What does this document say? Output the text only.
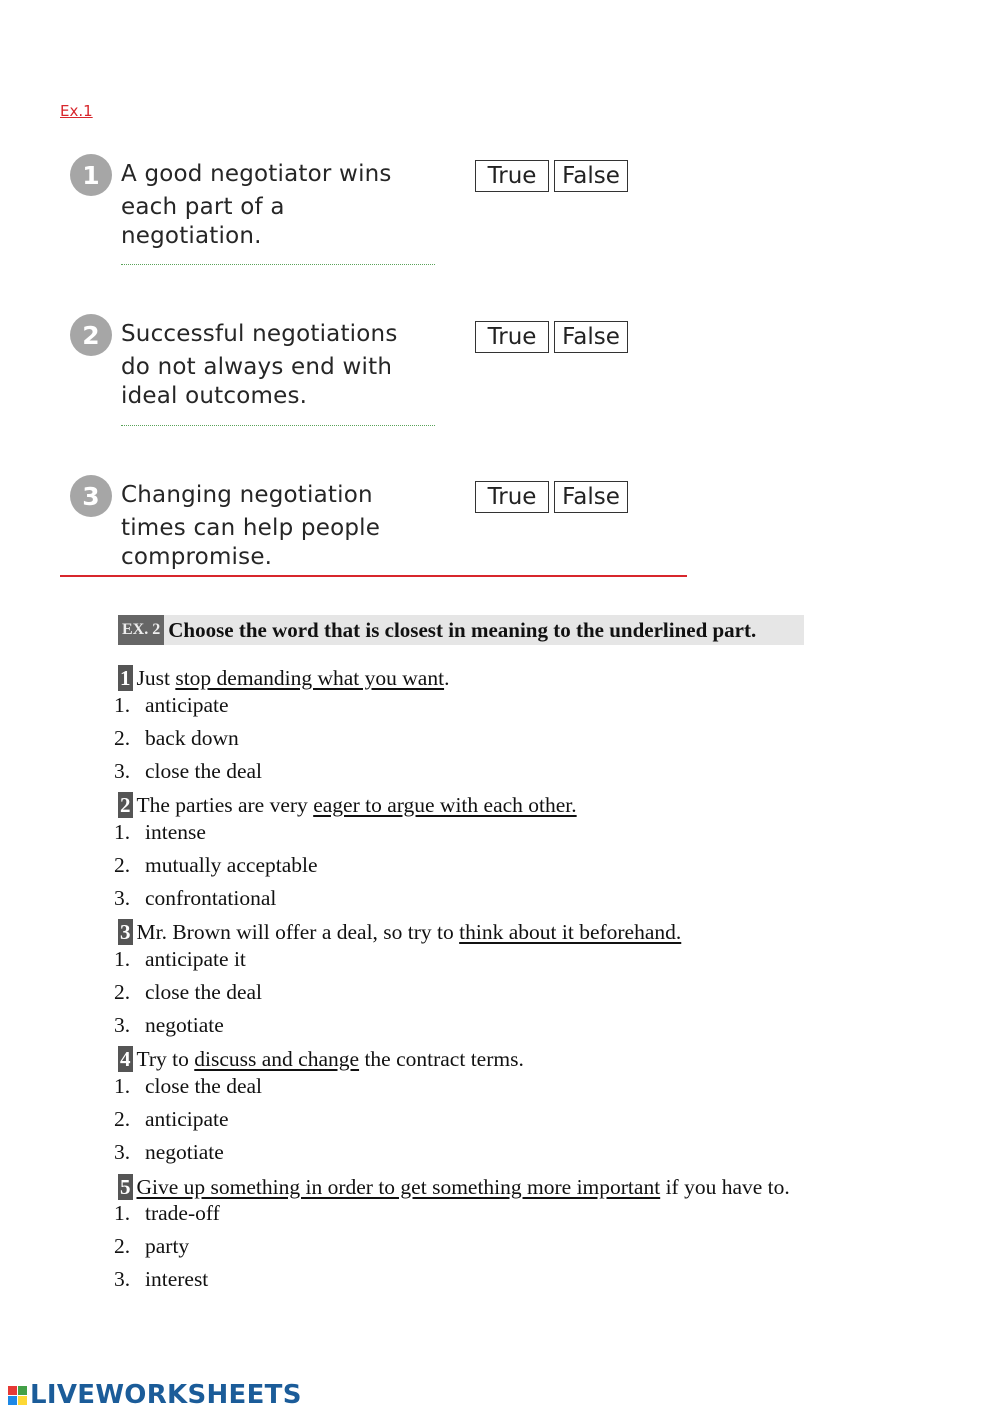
Ex.1
1 A good negotiator wins
each part of a
negotiation.
True	False
2 Successful negotiations
do not always end with
ideal outcomes.
True	False
3 Changing negotiation
times can help people
compromise.
True	False
EX. 2 Choose the word that is closest in meaning to the underlined part.
1 Just
stop demanding what you want .
1. anticipate
2. back down
3. close the deal
2 The parties are very
eager to argue with each other.
1. intense
2. mutually acceptable
3. confrontational
3 Mr. Brown will offer a deal, so try to
think about it beforehand.
1. anticipate it
2. close the deal
3. negotiate
4 Try to
discuss and change
the contract terms.
1. close the deal
2. anticipate
3. negotiate
5 Give up something in order to get something more important
if you have to.
1. trade-off
2. party
3. interest
LIVEWORKSHEETS
